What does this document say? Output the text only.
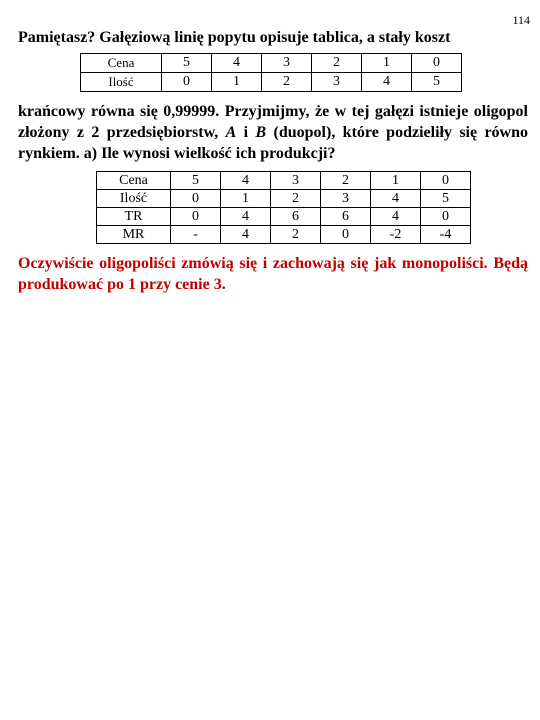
114
Pamiętasz? Gałęziową linię popytu opisuje tablica, a stały koszt
Cena	5	4	3	2	1	0
Ilość	0	1	2	3	4	5
krańcowy równa się 0,99999. Przyjmijmy, że w tej gałęzi istnieje oligopol złożony z 2 przedsiębiorstw, A i B (duopol), które podzieliły się równo rynkiem. a) Ile wynosi wielkość ich produkcji?
Cena	5	4	3	2	1	0
Ilość	0	1	2	3	4	5
TR	0	4	6	6	4	0
MR	-	4	2	0	-2	-4
Oczywiście oligopoliści zmówią się i zachowają się jak monopoliści. Będą produkować po 1 przy cenie 3.
